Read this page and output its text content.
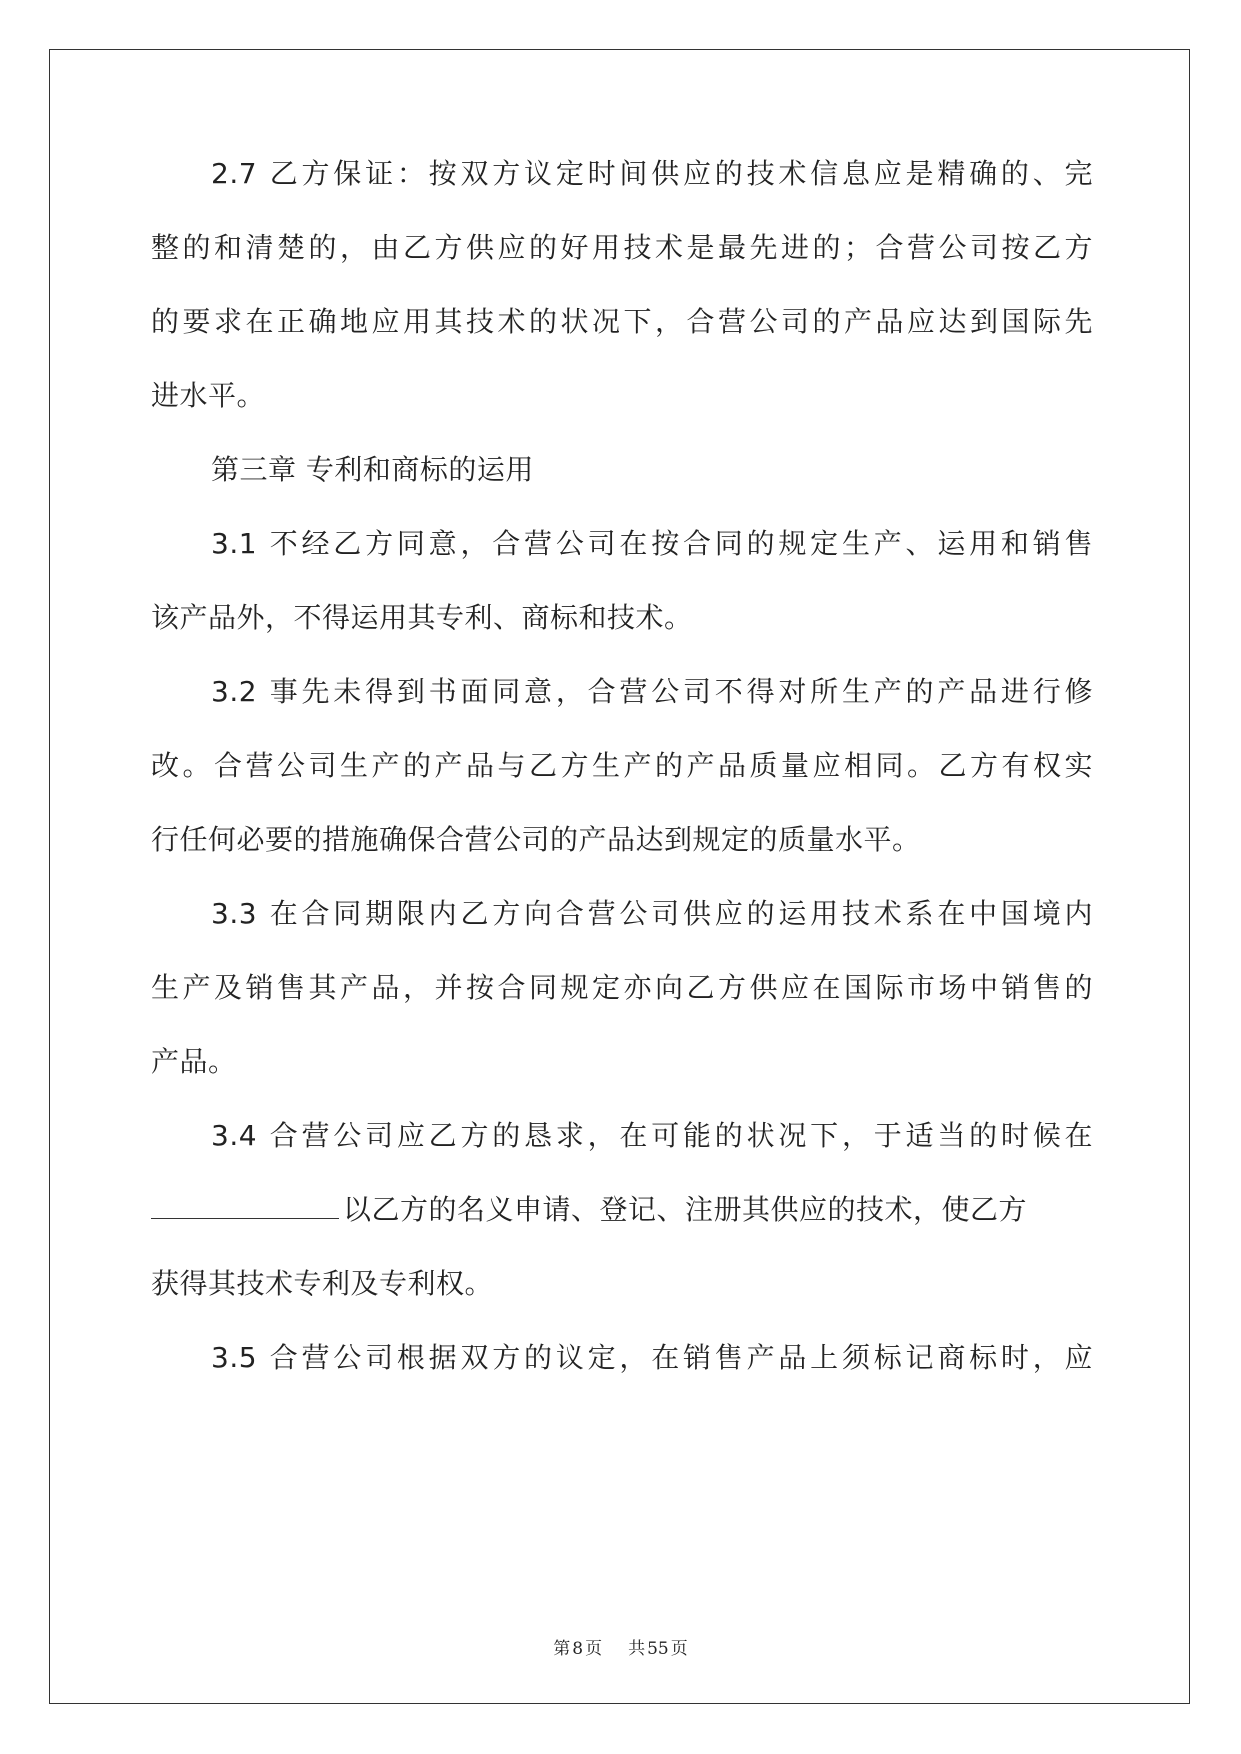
2.7 乙方保证：按双方议定时间供应的技术信息应是精确的、完
整的和清楚的，由乙方供应的好用技术是最先进的；合营公司按乙方
的要求在正确地应用其技术的状况下，合营公司的产品应达到国际先
进水平。
第三章 专利和商标的运用
3.1 不经乙方同意，合营公司在按合同的规定生产、运用和销售
该产品外，不得运用其专利、商标和技术。
3.2 事先未得到书面同意，合营公司不得对所生产的产品进行修
改。合营公司生产的产品与乙方生产的产品质量应相同。乙方有权实
行任何必要的措施确保合营公司的产品达到规定的质量水平。
3.3 在合同期限内乙方向合营公司供应的运用技术系在中国境内
生产及销售其产品，并按合同规定亦向乙方供应在国际市场中销售的
产品。
3.4 合营公司应乙方的恳求，在可能的状况下，于适当的时候在
以乙方的名义申请、登记、注册其供应的技术，使乙方
获得其技术专利及专利权。
3.5 合营公司根据双方的议定，在销售产品上须标记商标时，应
第 8 页 共 55 页
